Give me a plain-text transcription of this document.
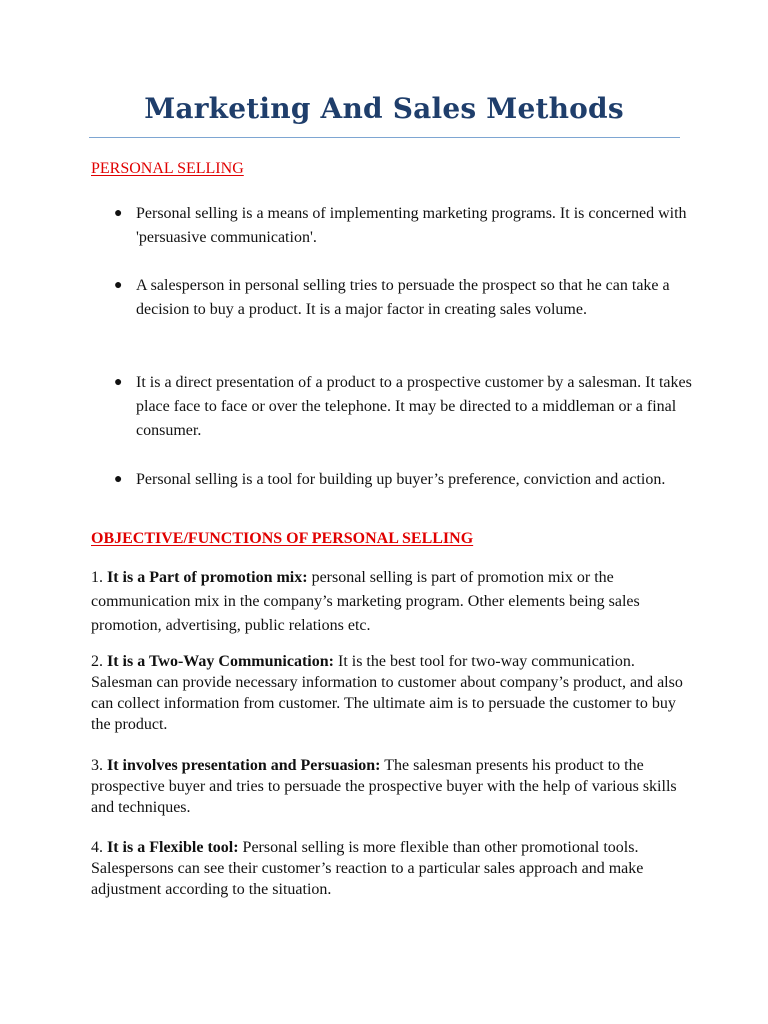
Marketing And Sales Methods
PERSONAL SELLING
● Personal selling is a means of implementing marketing programs. It is concerned with 'persuasive communication'.
● A salesperson in personal selling tries to persuade the prospect so that he can take a decision to buy a product. It is a major factor in creating sales volume.
● It is a direct presentation of a product to a prospective customer by a salesman. It takes place face to face or over the telephone. It may be directed to a middleman or a final consumer.
● Personal selling is a tool for building up buyer’s preference, conviction and action.
OBJECTIVE/FUNCTIONS OF PERSONAL SELLING
1. It is a Part of promotion mix: personal selling is part of promotion mix or the communication mix in the company’s marketing program. Other elements being sales promotion, advertising, public relations etc.
2. It is a Two-Way Communication: It is the best tool for two-way communication. Salesman can provide necessary information to customer about company’s product, and also can collect information from customer. The ultimate aim is to persuade the customer to buy the product.
3. It involves presentation and Persuasion: The salesman presents his product to the prospective buyer and tries to persuade the prospective buyer with the help of various skills and techniques.
4. It is a Flexible tool: Personal selling is more flexible than other promotional tools. Salespersons can see their customer’s reaction to a particular sales approach and make adjustment according to the situation.
